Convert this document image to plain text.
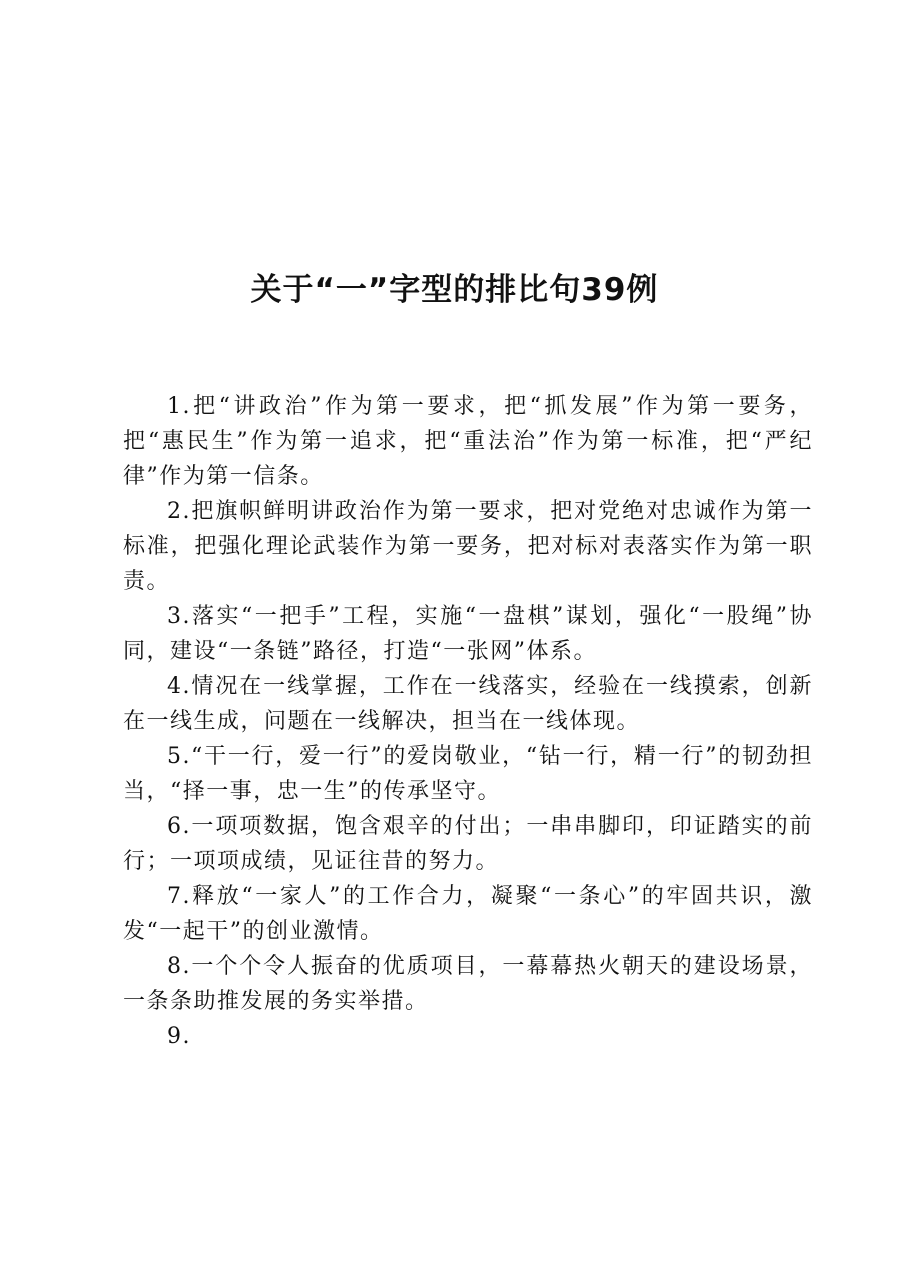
关于“一”字型的排比句39例

1.把“讲政治”作为第一要求，把“抓发展”作为第一要务，把“惠民生”作为第一追求，把“重法治”作为第一标准，把“严纪律”作为第一信条。

2.把旗帜鲜明讲政治作为第一要求，把对党绝对忠诚作为第一标准，把强化理论武装作为第一要务，把对标对表落实作为第一职责。

3.落实“一把手”工程，实施“一盘棋”谋划，强化“一股绳”协同，建设“一条链”路径，打造“一张网”体系。

4.情况在一线掌握，工作在一线落实，经验在一线摸索，创新在一线生成，问题在一线解决，担当在一线体现。

5.“干一行，爱一行”的爱岗敬业，“钻一行，精一行”的韧劲担当，“择一事，忠一生”的传承坚守。

6.一项项数据，饱含艰辛的付出；一串串脚印，印证踏实的前行；一项项成绩，见证往昔的努力。

7.释放“一家人”的工作合力，凝聚“一条心”的牢固共识，激发“一起干”的创业激情。

8.一个个令人振奋的优质项目，一幕幕热火朝天的建设场景，一条条助推发展的务实举措。

9.
